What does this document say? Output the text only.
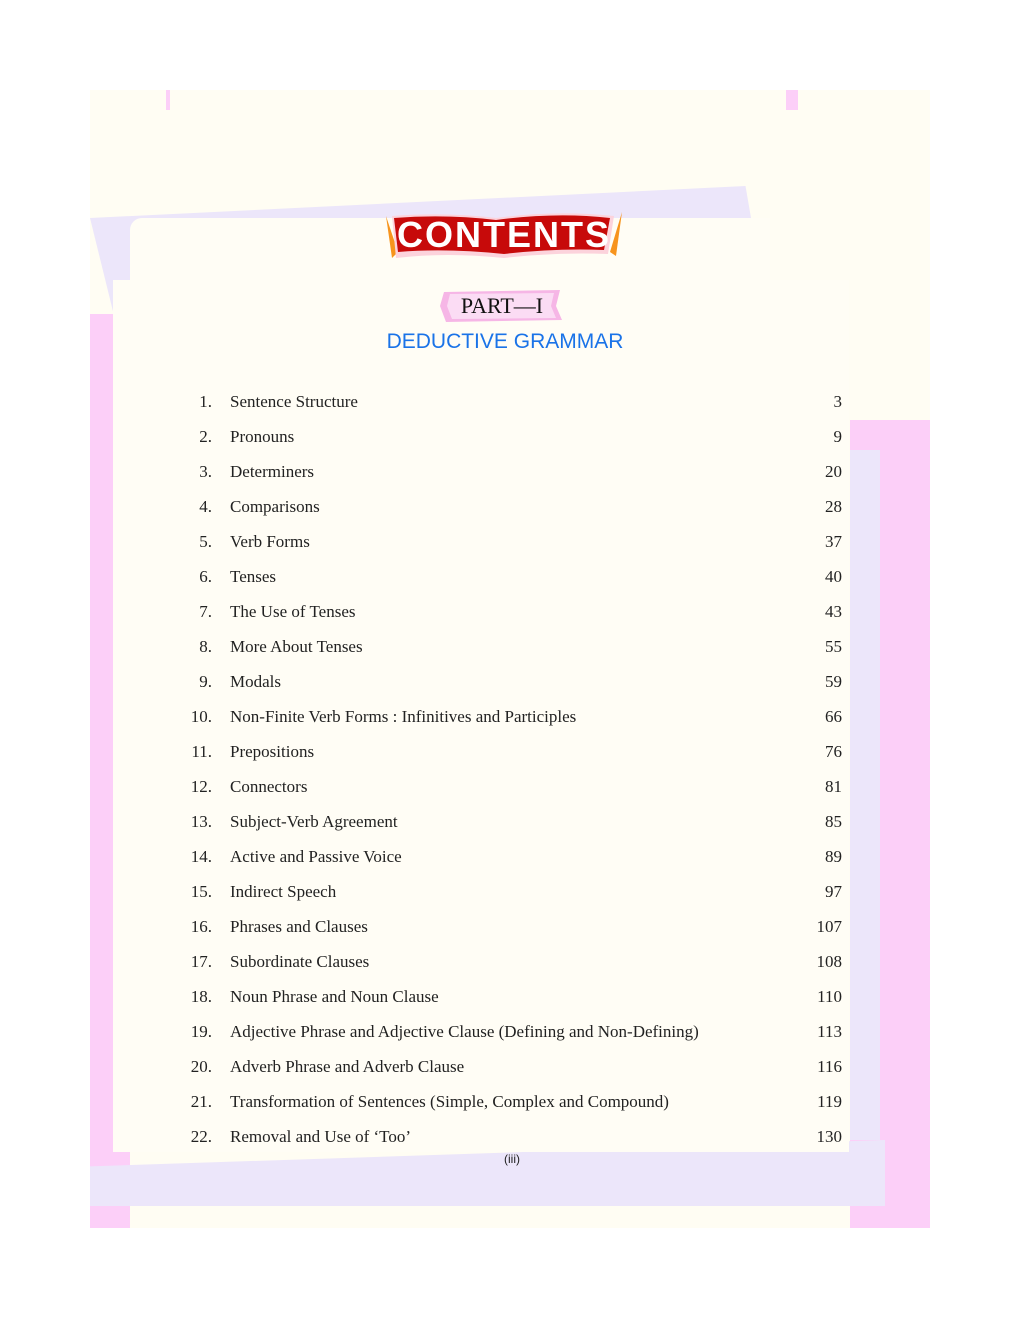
CONTENTS
PART—I
DEDUCTIVE GRAMMAR
1. Sentence Structure	3
2. Pronouns	9
3. Determiners	20
4. Comparisons	28
5. Verb Forms	37
6. Tenses	40
7. The Use of Tenses	43
8. More About Tenses	55
9. Modals	59
10. Non-Finite Verb Forms : Infinitives and Participles	66
11. Prepositions	76
12. Connectors	81
13. Subject-Verb Agreement	85
14. Active and Passive Voice	89
15. Indirect Speech	97
16. Phrases and Clauses	107
17. Subordinate Clauses	108
18. Noun Phrase and Noun Clause	110
19. Adjective Phrase and Adjective Clause (Defining and Non-Defining)	113
20. Adverb Phrase and Adverb Clause	116
21. Transformation of Sentences (Simple, Complex and Compound)	119
22. Removal and Use of ‘Too’	130
(iii)
